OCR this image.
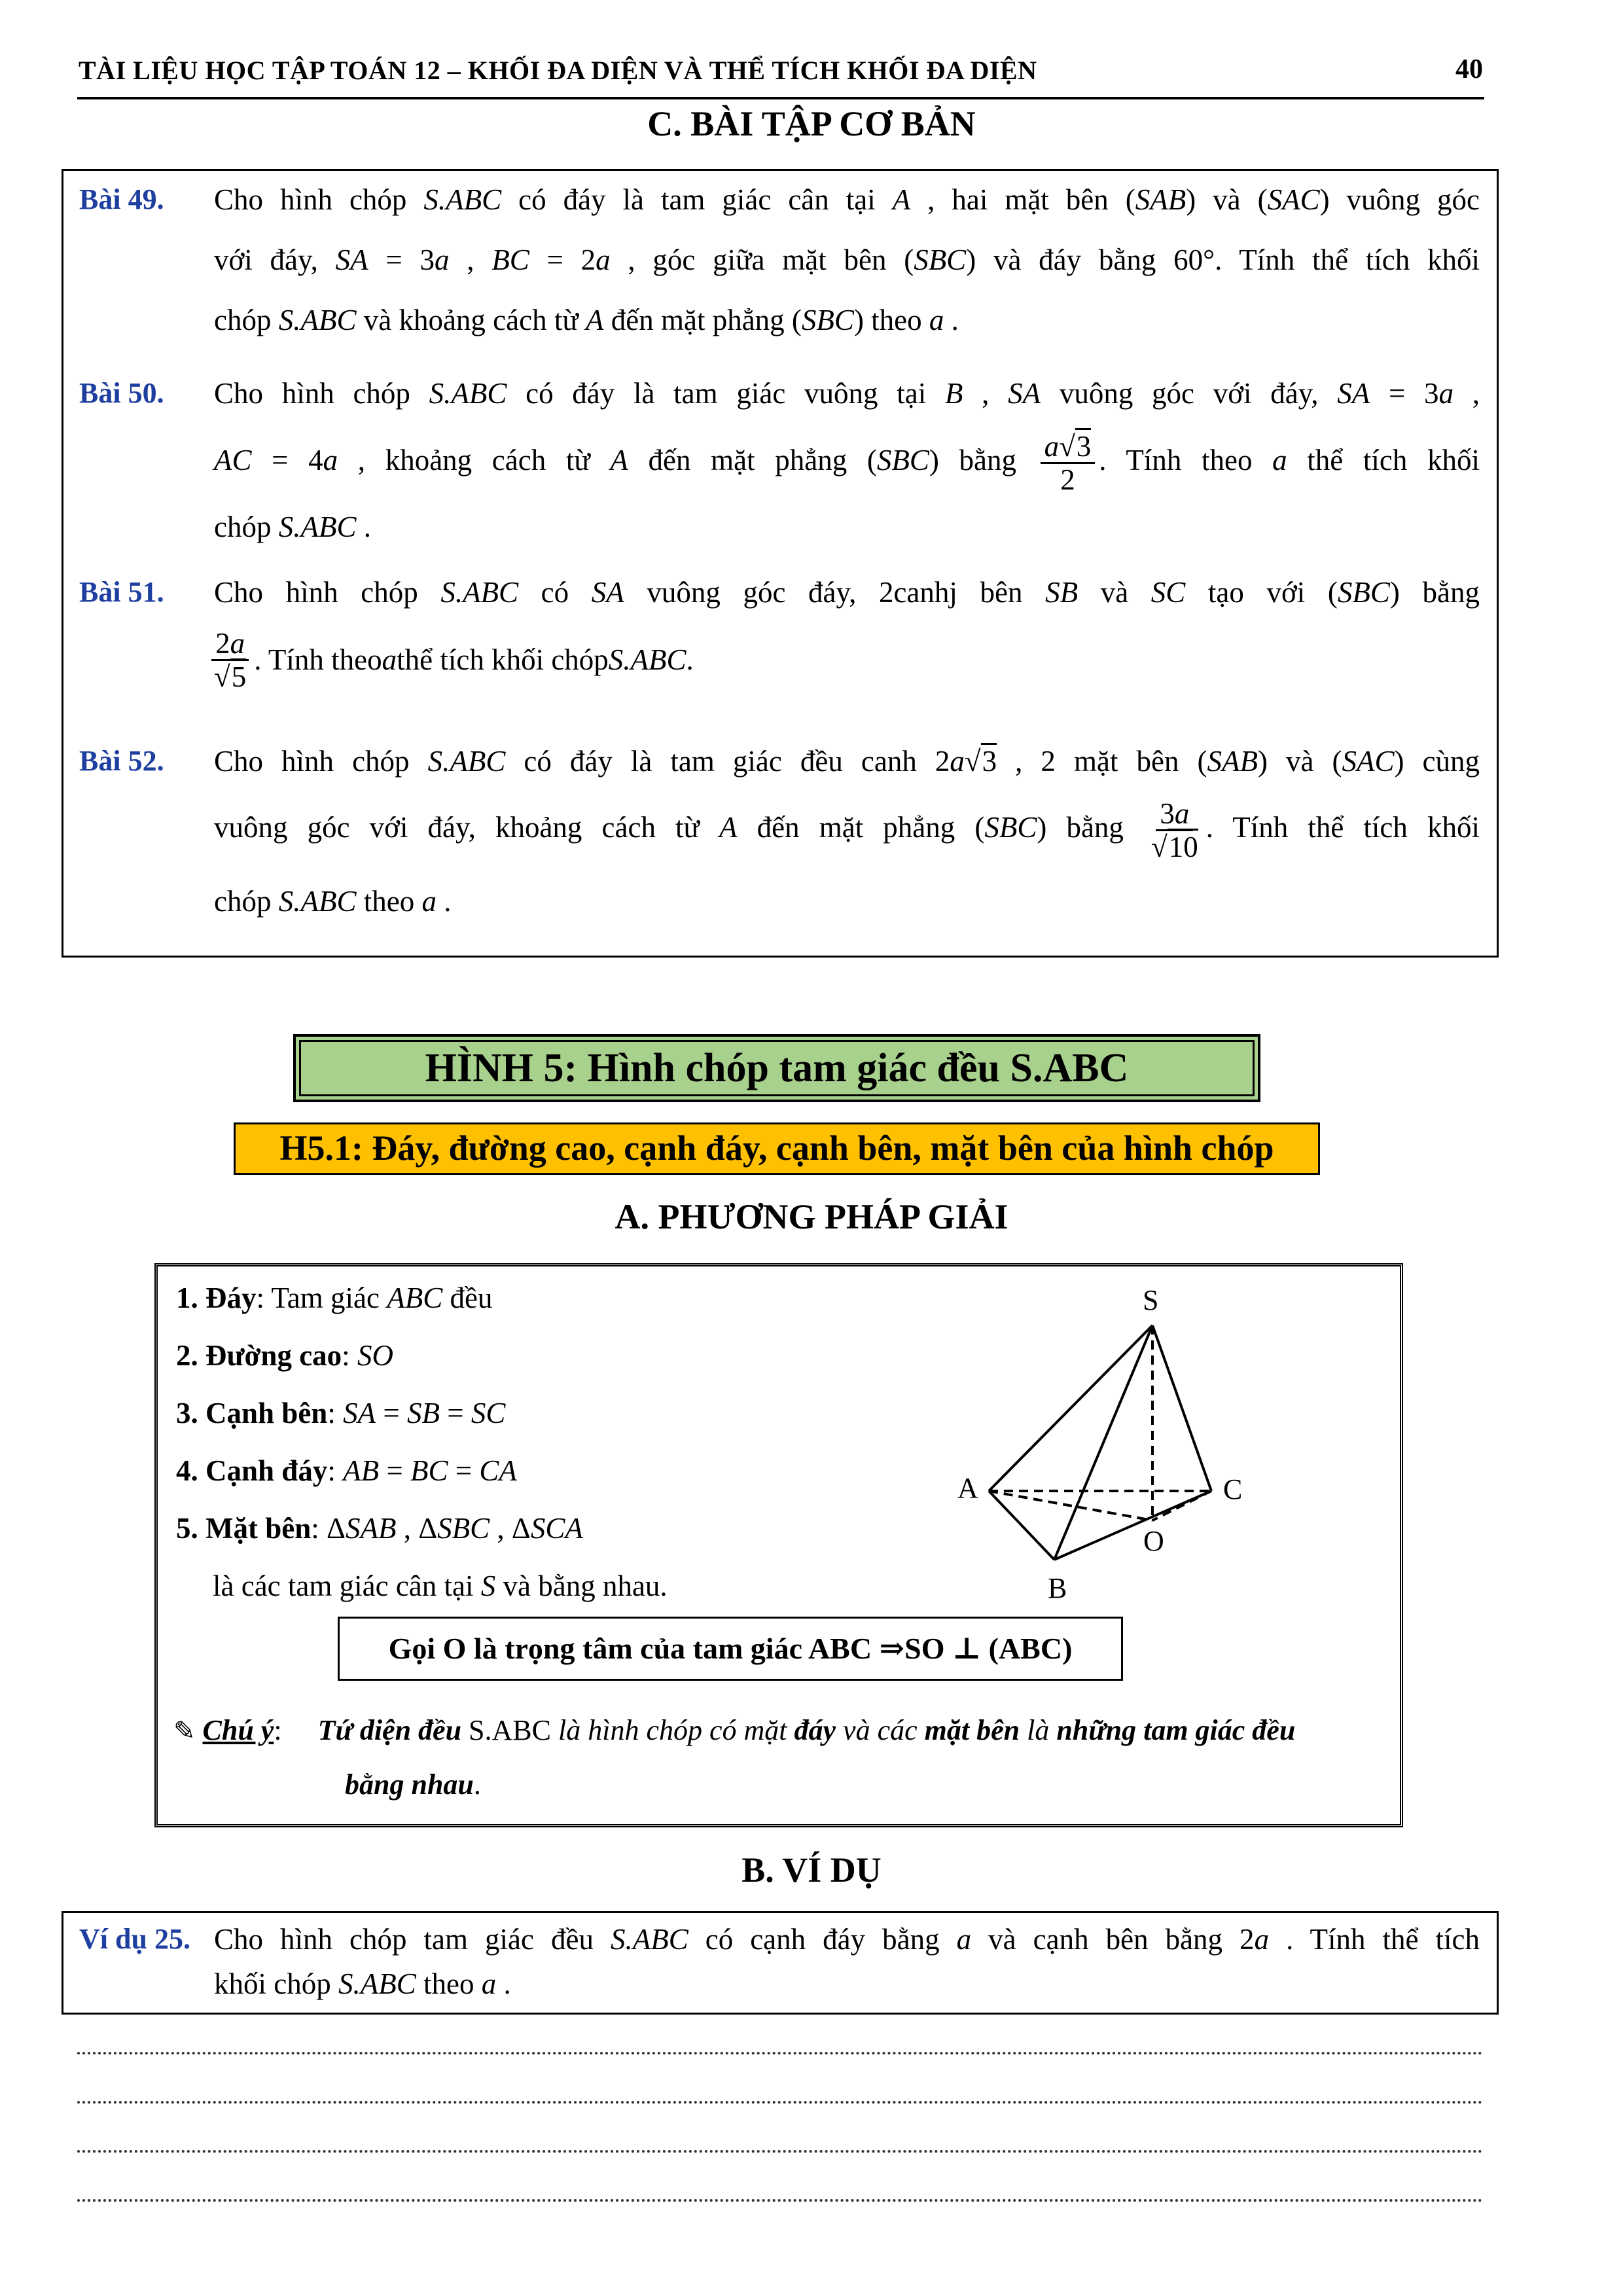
TÀI LIỆU HỌC TẬP TOÁN 12 – KHỐI ĐA DIỆN VÀ THỂ TÍCH KHỐI ĐA DIỆN	40
C. BÀI TẬP CƠ BẢN
Bài 49. Cho hình chóp S.ABC có đáy là tam giác cân tại A , hai mặt bên (SAB) và (SAC) vuông góc
với đáy, SA = 3a , BC = 2a , góc giữa mặt bên (SBC) và đáy bằng 60°. Tính thể tích khối
chóp S.ABC và khoảng cách từ A đến mặt phẳng (SBC) theo a .
Bài 50. Cho hình chóp S.ABC có đáy là tam giác vuông tại B , SA vuông góc với đáy, SA = 3a ,
AC = 4a , khoảng cách từ A đến mặt phẳng (SBC) bằng $\frac{a√3}{2}$ . Tính theo a thể tích khối
chóp S.ABC .
Bài 51. Cho hình chóp S.ABC có SA vuông góc đáy, 2canhj bên SB và SC tạo với (SBC) bằng
$\frac{2a}{√5}$ . Tính theo a thể tích khối chóp S.ABC .
Bài 52. Cho hình chóp S.ABC có đáy là tam giác đều canh 2a√3 , 2 mặt bên (SAB) và (SAC) cùng
vuông góc với đáy, khoảng cách từ A đến mặt phẳng (SBC) bằng $\frac{3a}{√10}$ . Tính thể tích khối
chóp S.ABC theo a .
HÌNH 5: Hình chóp tam giác đều S.ABC
H5.1: Đáy, đường cao, cạnh đáy, cạnh bên, mặt bên của hình chóp
A. PHƯƠNG PHÁP GIẢI
1. Đáy: Tam giác ABC đều
2. Đường cao: SO
3. Cạnh bên: SA = SB = SC
4. Cạnh đáy: AB = BC = CA
5. Mặt bên: ΔSAB , ΔSBC , ΔSCA
là các tam giác cân tại S và bằng nhau.
S
A	C
B
O
Gọi O là trọng tâm của tam giác ABC ⇒SO ⊥ (ABC)
✎ Chú ý:     Tứ diện đều S.ABC là hình chóp có mặt đáy và các mặt bên là những tam giác đều
bằng nhau.
B. VÍ DỤ
Ví dụ 25. Cho hình chóp tam giác đều S.ABC có cạnh đáy bằng a và cạnh bên bằng 2a . Tính thể tích
khối chóp S.ABC theo a .
